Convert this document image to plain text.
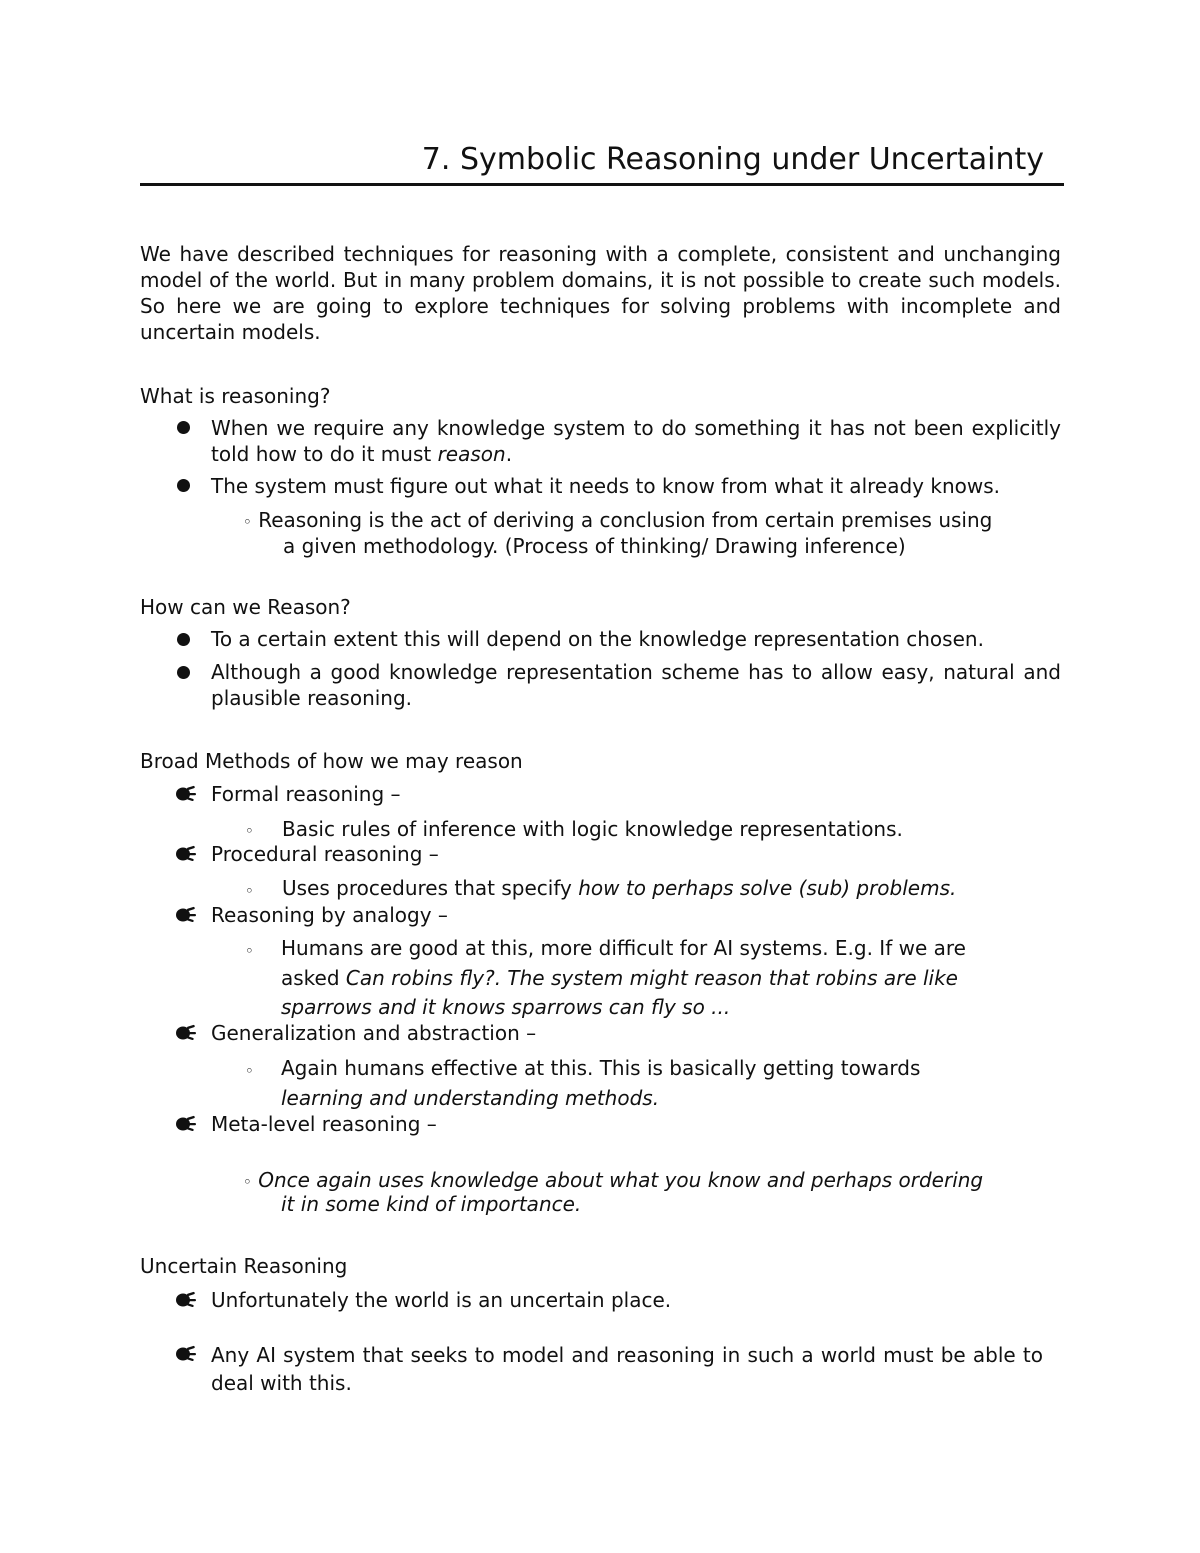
7. Symbolic Reasoning under Uncertainty

We have described techniques for reasoning with a complete, consistent and unchanging model of the world. But in many problem domains, it is not possible to create such models. So here we are going to explore techniques for solving problems with incomplete and uncertain models.

What is reasoning?
When we require any knowledge system to do something it has not been explicitly told how to do it must reason.
The system must figure out what it needs to know from what it already knows.
◦ Reasoning is the act of deriving a conclusion from certain premises using
a given methodology. (Process of thinking/ Drawing inference)
How can we Reason?
To a certain extent this will depend on the knowledge representation chosen.
Although a good knowledge representation scheme has to allow easy, natural and plausible reasoning.
Broad Methods of how we may reason
Formal reasoning –
◦ Basic rules of inference with logic knowledge representations.
Procedural reasoning –
◦ Uses procedures that specify how to perhaps solve (sub) problems.
Reasoning by analogy –
◦ Humans are good at this, more difficult for AI systems. E.g. If we are
asked Can robins fly?. The system might reason that robins are like
sparrows and it knows sparrows can fly so ...
Generalization and abstraction –
◦ Again humans effective at this. This is basically getting towards
learning and understanding methods.
Meta-level reasoning –
◦ Once again uses knowledge about what you know and perhaps ordering
it in some kind of importance.
Uncertain Reasoning
Unfortunately the world is an uncertain place.
Any AI system that seeks to model and reasoning in such a world must be able to deal with this.
